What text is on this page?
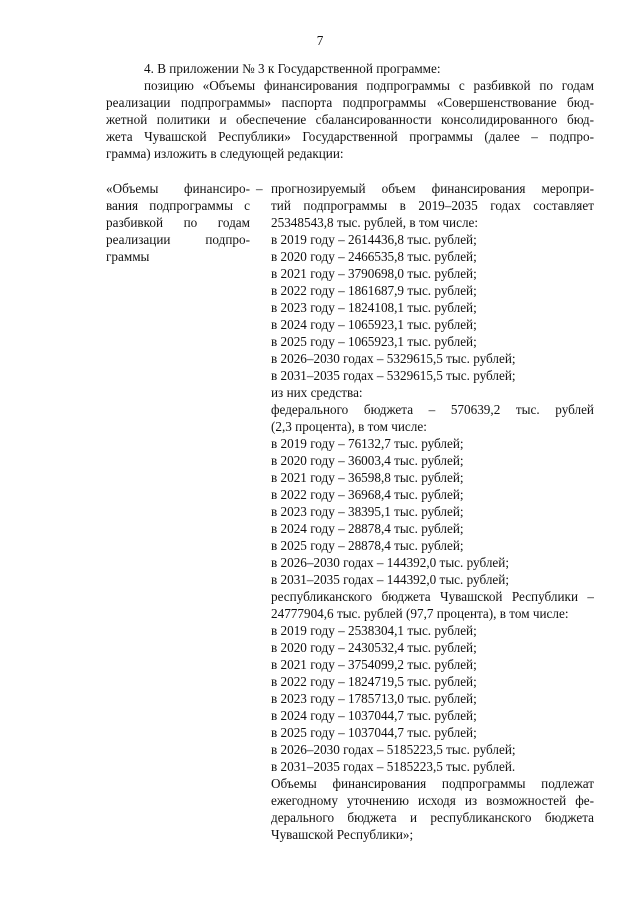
7
4. В приложении № 3 к Государственной программе:
позицию «Объемы финансирования подпрограммы с разбивкой по годам
реализации подпрограммы» паспорта подпрограммы «Совершенствование бюд-
жетной политики и обеспечение сбалансированности консолидированного бюд-
жета Чувашской Республики» Государственной программы (далее – подпро-
грамма) изложить в следующей редакции:
«Объемы финансиро-
вания подпрограммы с
разбивкой по годам
реализации подпро-
граммы
– прогнозируемый объем финансирования меропри-
тий подпрограммы в 2019–2035 годах составляет
25348543,8 тыс. рублей, в том числе:
в 2019 году – 2614436,8 тыс. рублей;
в 2020 году – 2466535,8 тыс. рублей;
в 2021 году – 3790698,0 тыс. рублей;
в 2022 году – 1861687,9 тыс. рублей;
в 2023 году – 1824108,1 тыс. рублей;
в 2024 году – 1065923,1 тыс. рублей;
в 2025 году – 1065923,1 тыс. рублей;
в 2026–2030 годах – 5329615,5 тыс. рублей;
в 2031–2035 годах – 5329615,5 тыс. рублей;
из них средства:
федерального бюджета – 570639,2 тыс. рублей
(2,3 процента), в том числе:
в 2019 году – 76132,7 тыс. рублей;
в 2020 году – 36003,4 тыс. рублей;
в 2021 году – 36598,8 тыс. рублей;
в 2022 году – 36968,4 тыс. рублей;
в 2023 году – 38395,1 тыс. рублей;
в 2024 году – 28878,4 тыс. рублей;
в 2025 году – 28878,4 тыс. рублей;
в 2026–2030 годах – 144392,0 тыс. рублей;
в 2031–2035 годах – 144392,0 тыс. рублей;
республиканского бюджета Чувашской Республики –
24777904,6 тыс. рублей (97,7 процента), в том числе:
в 2019 году – 2538304,1 тыс. рублей;
в 2020 году – 2430532,4 тыс. рублей;
в 2021 году – 3754099,2 тыс. рублей;
в 2022 году – 1824719,5 тыс. рублей;
в 2023 году – 1785713,0 тыс. рублей;
в 2024 году – 1037044,7 тыс. рублей;
в 2025 году – 1037044,7 тыс. рублей;
в 2026–2030 годах – 5185223,5 тыс. рублей;
в 2031–2035 годах – 5185223,5 тыс. рублей.
Объемы финансирования подпрограммы подлежат
ежегодному уточнению исходя из возможностей фе-
дерального бюджета и республиканского бюджета
Чувашской Республики»;
